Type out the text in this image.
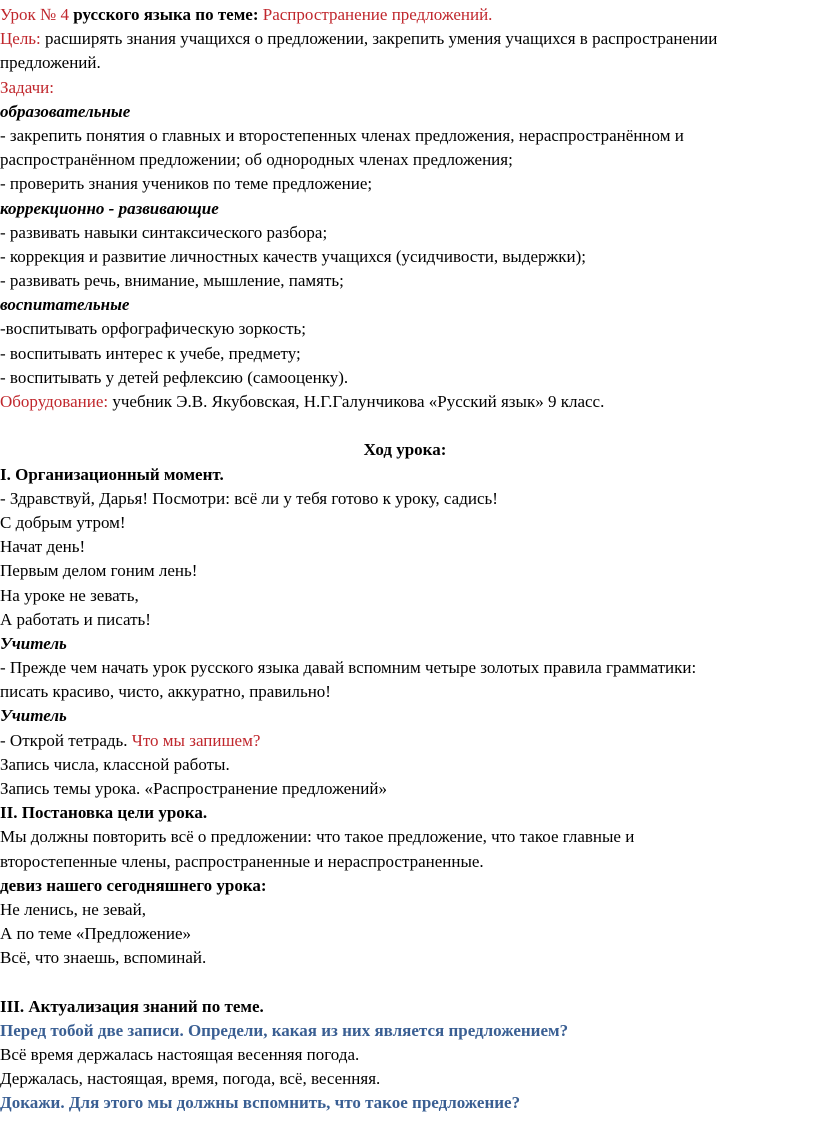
Урок № 4 русского языка по теме: Распространение предложений.
Цель: расширять знания учащихся о предложении, закрепить умения учащихся в распространении
предложений.
Задачи:
образовательные
- закрепить понятия о главных и второстепенных членах предложения, нераспространённом и
распространённом предложении; об однородных членах предложения;
- проверить знания учеников по теме предложение;
коррекционно - развивающие
- развивать навыки синтаксического разбора;
- коррекция и развитие личностных качеств учащихся (усидчивости, выдержки);
- развивать речь, внимание, мышление, память;
воспитательные
-воспитывать орфографическую зоркость;
- воспитывать интерес к учебе, предмету;
- воспитывать у детей рефлексию (самооценку).
Оборудование: учебник Э.В. Якубовская, Н.Г.Галунчикова «Русский язык» 9 класс.
Ход урока:
I. Организационный момент.
- Здравствуй, Дарья! Посмотри: всё ли у тебя готово к уроку, садись!
С добрым утром!
Начат день!
Первым делом гоним лень!
На уроке не зевать,
А работать и писать!
Учитель
- Прежде чем начать урок русского языка давай вспомним четыре золотых правила грамматики:
писать красиво, чисто, аккуратно, правильно!
Учитель
- Открой тетрадь. Что мы запишем?
Запись числа, классной работы.
Запись темы урока. «Распространение предложений»
II. Постановка цели урока.
Мы должны повторить всё о предложении: что такое предложение, что такое главные и
второстепенные члены, распространенные и нераспространенные.
девиз нашего сегодняшнего урока:
Не ленись, не зевай,
А по теме «Предложение»
Всё, что знаешь, вспоминай.
III. Актуализация знаний по теме.
Перед тобой две записи. Определи, какая из них является предложением?
Всё время держалась настоящая весенняя погода.
Держалась, настоящая, время, погода, всё, весенняя.
Докажи. Для этого мы должны вспомнить, что такое предложение?
